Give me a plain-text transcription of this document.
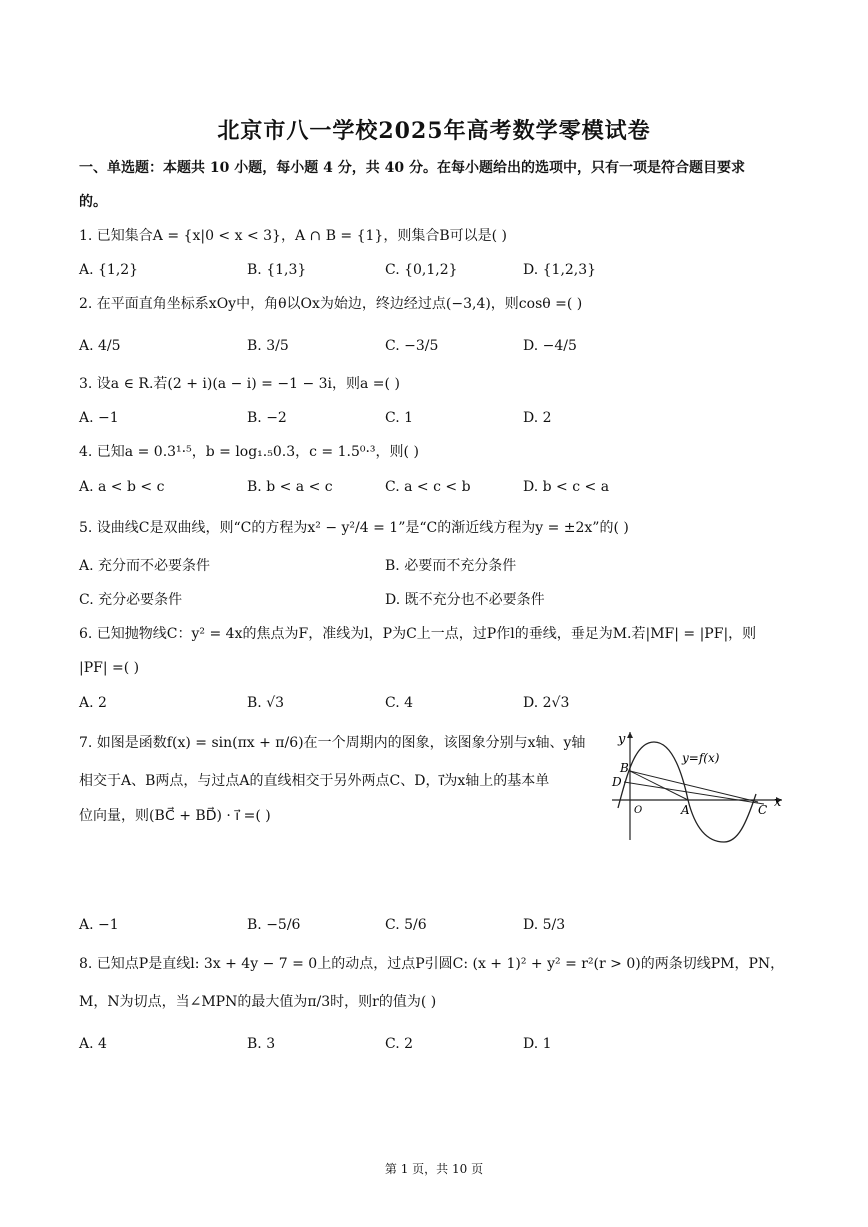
北京市八一学校2025年高考数学零模试卷
一、单选题：本题共 10 小题，每小题 4 分，共 40 分。在每小题给出的选项中，只有一项是符合题目要求
的。
1. 已知集合A = {x|0 < x < 3}，A ∩ B = {1}，则集合B可以是( )
A. {1,2}	B. {1,3}	C. {0,1,2}	D. {1,2,3}
2. 在平面直角坐标系xOy中，角θ以Ox为始边，终边经过点(−3,4)，则cosθ =( )
A. 4/5	B. 3/5	C. −3/5	D. −4/5
3. 设a ∈ R.若(2 + i)(a − i) = −1 − 3i，则a =( )
A. −1	B. −2	C. 1	D. 2
4. 已知a = 0.3¹·⁵，b = log₁.₅0.3，c = 1.5⁰·³，则( )
A. a < b < c	B. b < a < c	C. a < c < b	D. b < c < a
5. 设曲线C是双曲线，则“C的方程为x² − y²/4 = 1”是“C的渐近线方程为y = ±2x”的( )
A. 充分而不必要条件	B. 必要而不充分条件
C. 充分必要条件	D. 既不充分也不必要条件
6. 已知抛物线C：y² = 4x的焦点为F，准线为l，P为C上一点，过P作l的垂线，垂足为M.若|MF| = |PF|，则
|PF| =( )
A. 2	B. √3	C. 4	D. 2√3
7. 如图是函数f(x) = sin(πx + π/6)在一个周期内的图象，该图象分别与x轴、y轴
相交于A、B两点，与过点A的直线相交于另外两点C、D，i⃗为x轴上的基本单
位向量，则(BC⃗ + BD⃗) · i⃗ =( )
y
x
O
y=f(x)
B
D
A	C
A. −1	B. −5/6	C. 5/6	D. 5/3
8. 已知点P是直线l: 3x + 4y − 7 = 0上的动点，过点P引圆C: (x + 1)² + y² = r²(r > 0)的两条切线PM，PN，
M，N为切点，当∠MPN的最大值为π/3时，则r的值为( )
A. 4	B. 3	C. 2	D. 1
第 1 页，共 10 页
